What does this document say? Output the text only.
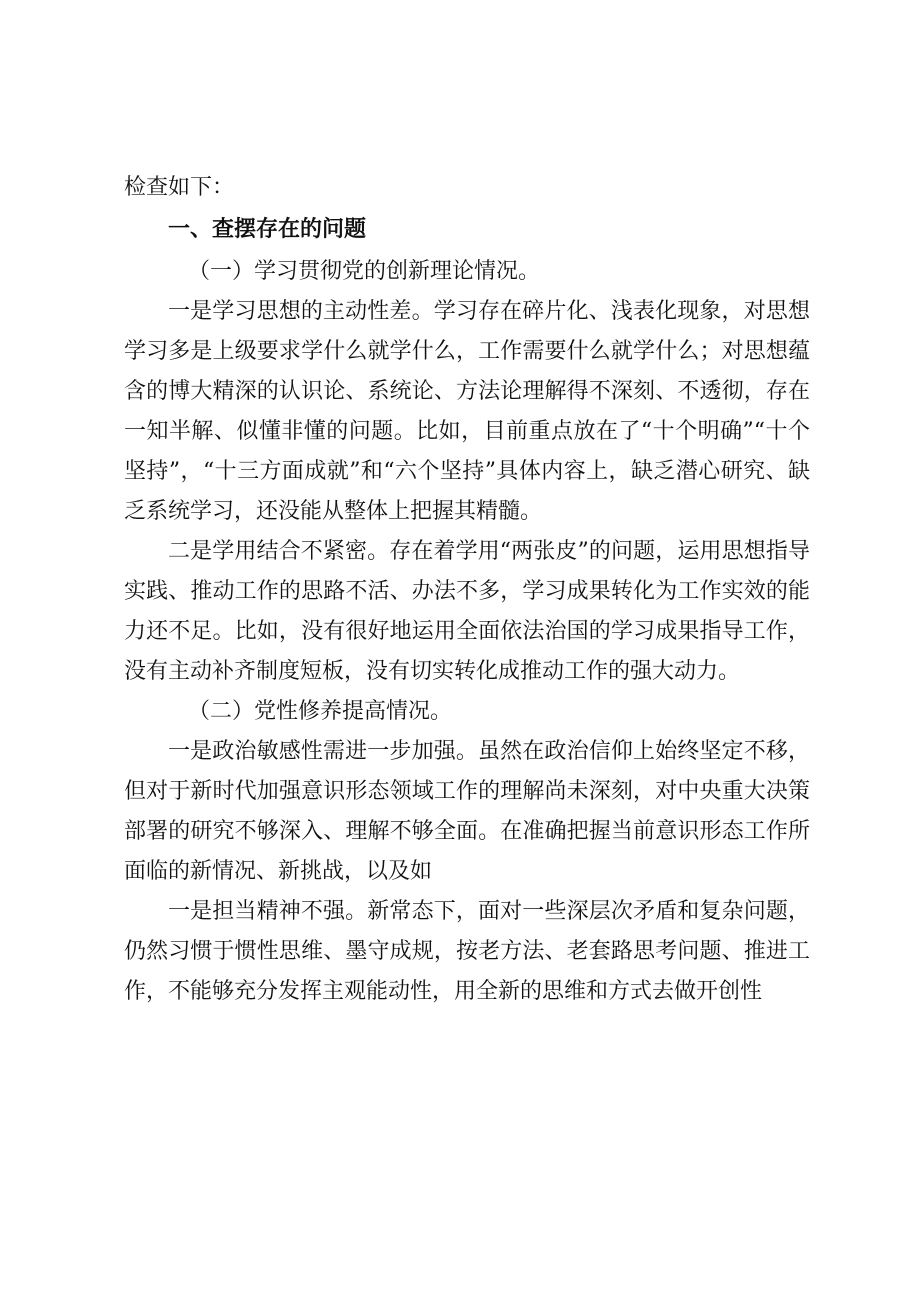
检查如下：

一、查摆存在的问题

（一）学习贯彻党的创新理论情况。

一是学习思想的主动性差。学习存在碎片化、浅表化现象，对思想学习多是上级要求学什么就学什么，工作需要什么就学什么；对思想蕴含的博大精深的认识论、系统论、方法论理解得不深刻、不透彻，存在一知半解、似懂非懂的问题。比如，目前重点放在了“十个明确”“十个坚持”，“十三方面成就”和“六个坚持”具体内容上，缺乏潜心研究、缺乏系统学习，还没能从整体上把握其精髓。

二是学用结合不紧密。存在着学用“两张皮”的问题，运用思想指导实践、推动工作的思路不活、办法不多，学习成果转化为工作实效的能力还不足。比如，没有很好地运用全面依法治国的学习成果指导工作，没有主动补齐制度短板，没有切实转化成推动工作的强大动力。

（二）党性修养提高情况。

一是政治敏感性需进一步加强。虽然在政治信仰上始终坚定不移，但对于新时代加强意识形态领域工作的理解尚未深刻，对中央重大决策部署的研究不够深入、理解不够全面。在准确把握当前意识形态工作所面临的新情况、新挑战，以及如

一是担当精神不强。新常态下，面对一些深层次矛盾和复杂问题，仍然习惯于惯性思维、墨守成规，按老方法、老套路思考问题、推进工作，不能够充分发挥主观能动性，用全新的思维和方式去做开创性
